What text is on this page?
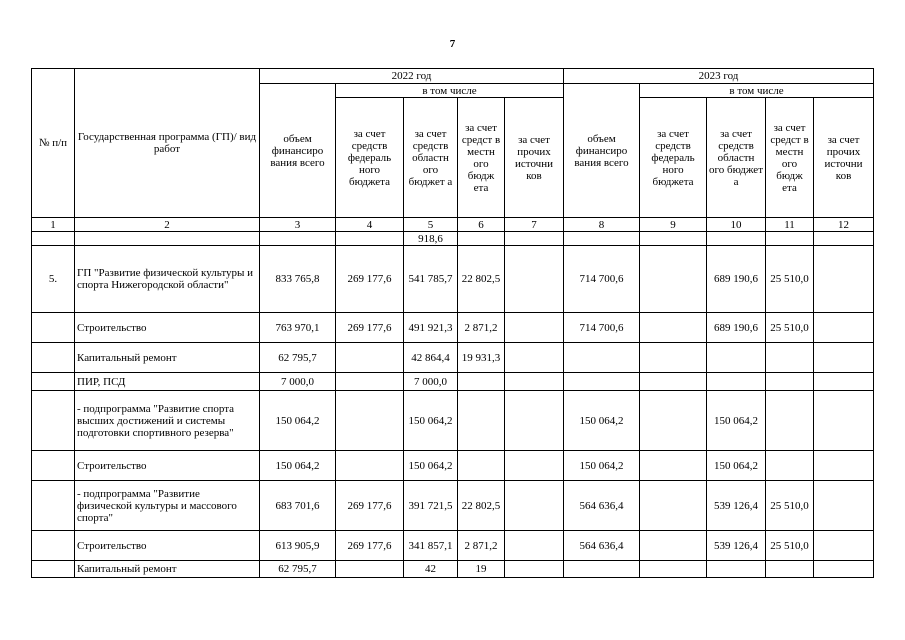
7
№ п/п	Государственная программа (ГП)/ вид работ	2022 год					2023 год				
		объем финансиро вания всего	в том числе				объем финансиро вания всего	в том числе			
			за счет средств федераль ного бюджета	за счет средств областн ого бюджет а	за счет средст в местн ого бюдж ета	за счет прочих источни ков		за счет средств федераль ного бюджета	за счет средств областн ого бюджет а	за счет средст в местн ого бюдж ета	за счет прочих источни ков

1	2	3	4	5	6	7	8	9	10	11	12
				918,6							
5.	ГП "Развитие физической культуры и спорта Нижегородской области"	833 765,8	269 177,6	541 785,7	22 802,5		714 700,6		689 190,6	25 510,0	
	Строительство	763 970,1	269 177,6	491 921,3	2 871,2		714 700,6		689 190,6	25 510,0	
	Капитальный ремонт	62 795,7		42 864,4	19 931,3						
	ПИР, ПСД	7 000,0		7 000,0							
	- подпрограмма "Развитие спорта высших достижений и системы подготовки спортивного резерва"	150 064,2		150 064,2			150 064,2		150 064,2		
	Строительство	150 064,2		150 064,2			150 064,2		150 064,2		
	- подпрограмма "Развитие физической культуры и массового спорта"	683 701,6	269 177,6	391 721,5	22 802,5		564 636,4		539 126,4	25 510,0	
	Строительство	613 905,9	269 177,6	341 857,1	2 871,2		564 636,4		539 126,4	25 510,0	
	Капитальный ремонт	62 795,7		42	19						
